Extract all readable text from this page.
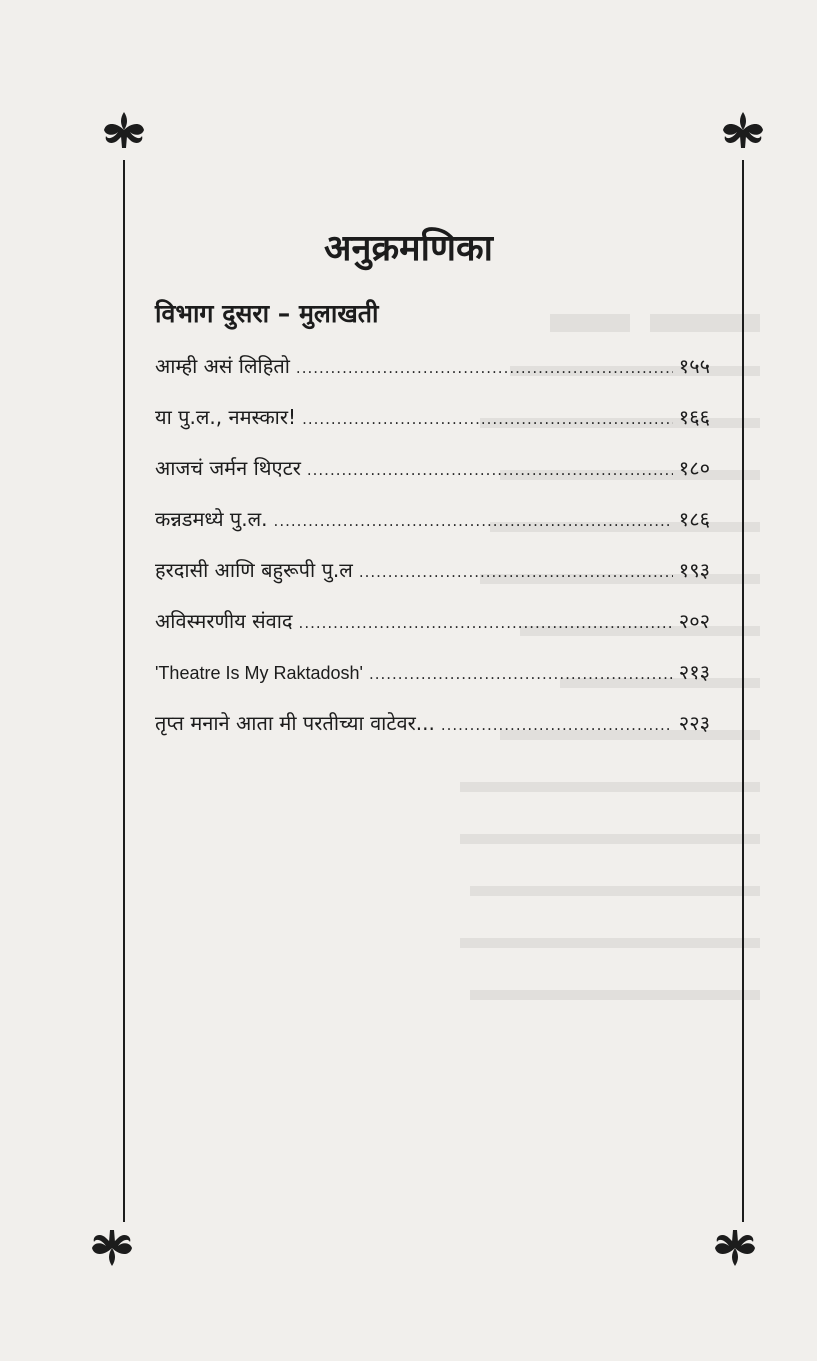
अनुक्रमणिका
विभाग दुसरा – मुलाखती
आम्ही असं लिहितो .....	१५५
या पु.ल., नमस्कार! .....	१६६
आजचं जर्मन थिएटर .....	१८०
कन्नडमध्ये पु.ल. .....	१८६
हरदासी आणि बहुरूपी पु.ल .....	१९३
अविस्मरणीय संवाद .....	२०२
'Theatre Is My Raktadosh' .....	२१३
तृप्त मनाने आता मी परतीच्या वाटेवर... .....	२२३
